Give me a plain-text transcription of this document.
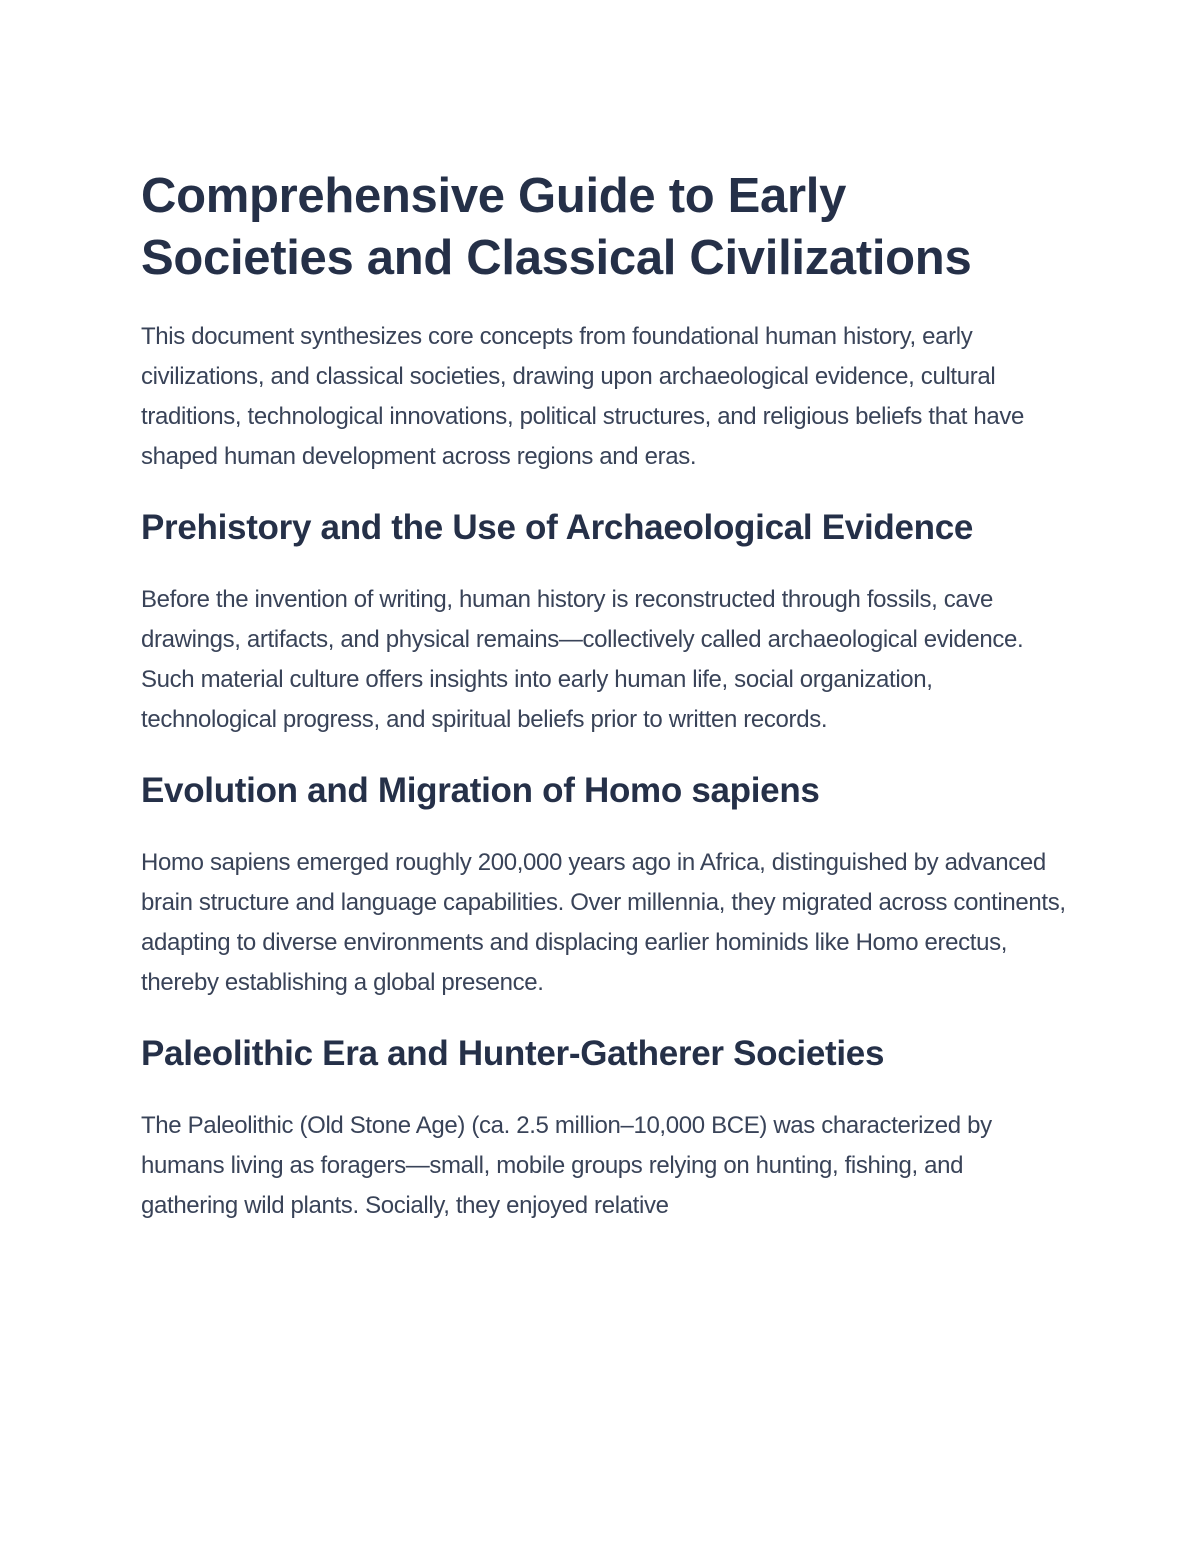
Comprehensive Guide to Early Societies and Classical Civilizations

This document synthesizes core concepts from foundational human history, early civilizations, and classical societies, drawing upon archaeological evidence, cultural traditions, technological innovations, political structures, and religious beliefs that have shaped human development across regions and eras.

Prehistory and the Use of Archaeological Evidence

Before the invention of writing, human history is reconstructed through fossils, cave drawings, artifacts, and physical remains—collectively called archaeological evidence. Such material culture offers insights into early human life, social organization, technological progress, and spiritual beliefs prior to written records.

Evolution and Migration of Homo sapiens

Homo sapiens emerged roughly 200,000 years ago in Africa, distinguished by advanced brain structure and language capabilities. Over millennia, they migrated across continents, adapting to diverse environments and displacing earlier hominids like Homo erectus, thereby establishing a global presence.

Paleolithic Era and Hunter-Gatherer Societies

The Paleolithic (Old Stone Age) (ca. 2.5 million–10,000 BCE) was characterized by humans living as foragers—small, mobile groups relying on hunting, fishing, and gathering wild plants. Socially, they enjoyed relative
